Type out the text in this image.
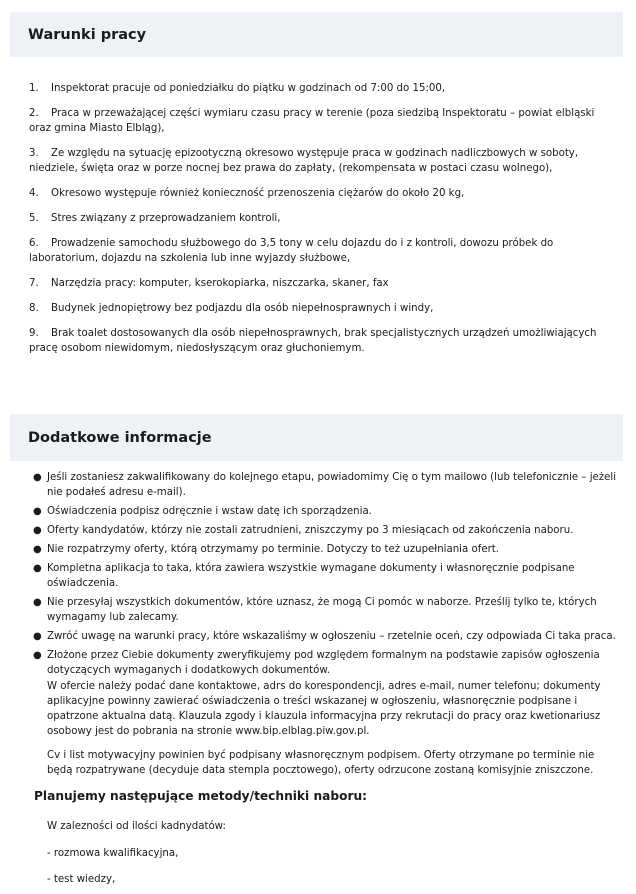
Warunki pracy
1. Inspektorat pracuje od poniedziałku do piątku w godzinach od 7:00 do 15:00,
2. Praca w przeważającej części wymiaru czasu pracy w terenie (poza siedzibą Inspektoratu – powiat elbląski oraz gmina Miasto Elbląg),
3. Ze względu na sytuację epizootyczną okresowo występuje praca w godzinach nadliczbowych w soboty, niedziele, święta oraz w porze nocnej bez prawa do zapłaty, (rekompensata w postaci czasu wolnego),
4. Okresowo występuje również konieczność przenoszenia ciężarów do około 20 kg,
5. Stres związany z przeprowadzaniem kontroli,
6. Prowadzenie samochodu służbowego do 3,5 tony w celu dojazdu do i z kontroli, dowozu próbek do laboratorium, dojazdu na szkolenia lub inne wyjazdy służbowe,
7. Narzędzia pracy: komputer, kserokopiarka, niszczarka, skaner, fax
8. Budynek jednopiętrowy bez podjazdu dla osób niepełnosprawnych i windy,
9. Brak toalet dostosowanych dla osób niepełnosprawnych, brak specjalistycznych urządzeń umożliwiających pracę osobom niewidomym, niedosłyszącym oraz głuchoniemym.
Dodatkowe informacje
● Jeśli zostaniesz zakwalifikowany do kolejnego etapu, powiadomimy Cię o tym mailowo (lub telefonicznie – jeżeli nie podałeś adresu e-mail).
● Oświadczenia podpisz odręcznie i wstaw datę ich sporządzenia.
● Oferty kandydatów, którzy nie zostali zatrudnieni, zniszczymy po 3 miesiącach od zakończenia naboru.
● Nie rozpatrzymy oferty, którą otrzymamy po terminie. Dotyczy to też uzupełniania ofert.
● Kompletna aplikacja to taka, która zawiera wszystkie wymagane dokumenty i własnoręcznie podpisane oświadczenia.
● Nie przesyłaj wszystkich dokumentów, które uznasz, że mogą Ci pomóc w naborze. Prześlij tylko te, których wymagamy lub zalecamy.
● Zwróć uwagę na warunki pracy, które wskazaliśmy w ogłoszeniu – rzetelnie oceń, czy odpowiada Ci taka praca.
● Złożone przez Ciebie dokumenty zweryfikujemy pod względem formalnym na podstawie zapisów ogłoszenia dotyczących wymaganych i dodatkowych dokumentów.

W ofercie należy podać dane kontaktowe, adrs do korespondencji, adres e-mail, numer telefonu; dokumenty aplikacyjne powinny zawierać oświadczenia o treści wskazanej w ogłoszeniu, własnoręcznie podpisane i opatrzone aktualna datą. Klauzula zgody i klauzula informacyjna przy rekrutacji do pracy oraz kwetionariusz osobowy jest do pobrania na stronie www.bip.elblag.piw.gov.pl.

Cv i list motywacyjny powinien być podpisany własnoręcznym podpisem. Oferty otrzymane po terminie nie będą rozpatrywane (decyduje data stempla pocztowego), oferty odrzucone zostaną komisyjnie zniszczone.

Planujemy następujące metody/techniki naboru:

W zalezności od ilości kadnydatów:

- rozmowa kwalifikacyjna,

- test wiedzy,
